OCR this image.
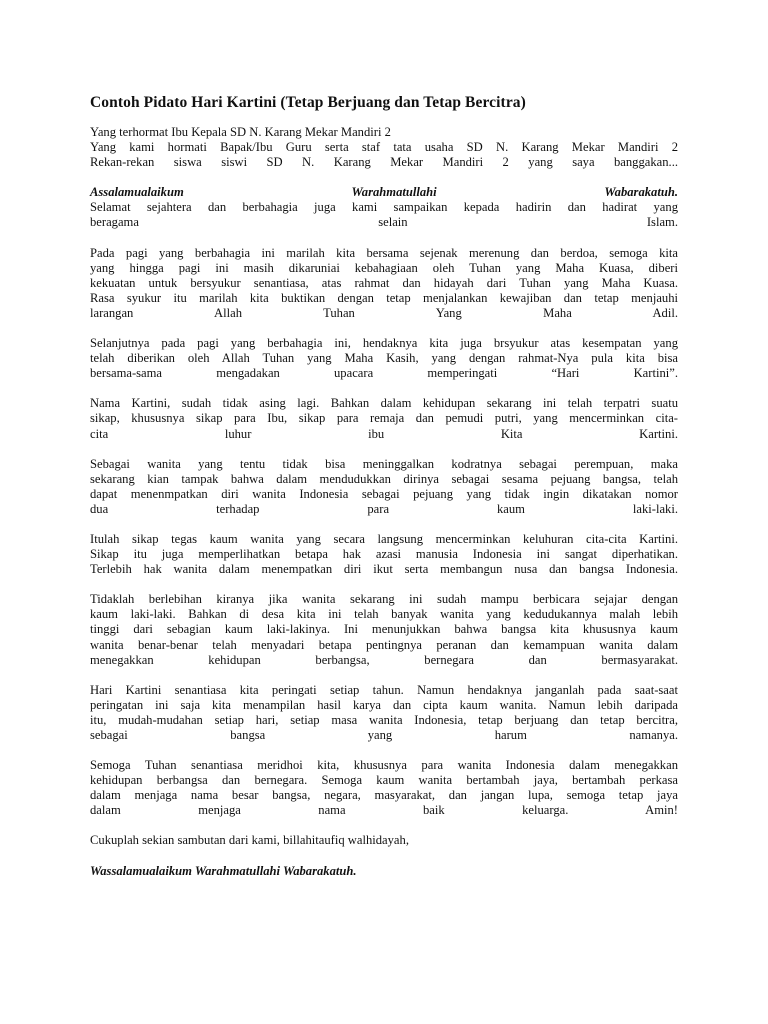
Contoh Pidato Hari Kartini (Tetap Berjuang dan Tetap Bercitra)
Yang terhormat Ibu Kepala SD N. Karang Mekar Mandiri 2
Yang kami hormati Bapak/Ibu Guru serta staf tata usaha SD N. Karang Mekar Mandiri 2
Rekan-rekan siswa siswi SD N. Karang Mekar Mandiri 2 yang saya banggakan...
Assalamualaikum Warahmatullahi Wabarakatuh.
Selamat sejahtera dan berbahagia juga kami sampaikan kepada hadirin dan hadirat yang
beragama selain Islam.
Pada pagi yang berbahagia ini marilah kita bersama sejenak merenung dan berdoa, semoga kita
yang hingga pagi ini masih dikaruniai kebahagiaan oleh Tuhan yang Maha Kuasa, diberi
kekuatan untuk bersyukur senantiasa, atas rahmat dan hidayah dari Tuhan yang Maha Kuasa.
Rasa syukur itu marilah kita buktikan dengan tetap menjalankan kewajiban dan tetap menjauhi
larangan Allah Tuhan Yang Maha Adil.
Selanjutnya pada pagi yang berbahagia ini, hendaknya kita juga brsyukur atas kesempatan yang
telah diberikan oleh Allah Tuhan yang Maha Kasih, yang dengan rahmat-Nya pula kita bisa
bersama-sama mengadakan upacara memperingati “Hari Kartini”.
Nama Kartini, sudah tidak asing lagi. Bahkan dalam kehidupan sekarang ini telah terpatri suatu
sikap, khususnya sikap para Ibu, sikap para remaja dan pemudi putri, yang mencerminkan cita-
cita luhur ibu Kita Kartini.
Sebagai wanita yang tentu tidak bisa meninggalkan kodratnya sebagai perempuan, maka
sekarang kian tampak bahwa dalam mendudukkan dirinya sebagai sesama pejuang bangsa, telah
dapat menenmpatkan diri wanita Indonesia sebagai pejuang yang tidak ingin dikatakan nomor
dua terhadap para kaum laki-laki.
Itulah sikap tegas kaum wanita yang secara langsung mencerminkan keluhuran cita-cita Kartini.
Sikap itu juga memperlihatkan betapa hak azasi manusia Indonesia ini sangat diperhatikan.
Terlebih hak wanita dalam menempatkan diri ikut serta membangun nusa dan bangsa Indonesia.
Tidaklah berlebihan kiranya jika wanita sekarang ini sudah mampu berbicara sejajar dengan
kaum laki-laki. Bahkan di desa kita ini telah banyak wanita yang kedudukannya malah lebih
tinggi dari sebagian kaum laki-lakinya. Ini menunjukkan bahwa bangsa kita khususnya kaum
wanita benar-benar telah menyadari betapa pentingnya peranan dan kemampuan wanita dalam
menegakkan kehidupan berbangsa, bernegara dan bermasyarakat.
Hari Kartini senantiasa kita peringati setiap tahun. Namun hendaknya janganlah pada saat-saat
peringatan ini saja kita menampilan hasil karya dan cipta kaum wanita. Namun lebih daripada
itu, mudah-mudahan setiap hari, setiap masa wanita Indonesia, tetap berjuang dan tetap bercitra,
sebagai bangsa yang harum namanya.
Semoga Tuhan senantiasa meridhoi kita, khususnya para wanita Indonesia dalam menegakkan
kehidupan berbangsa dan bernegara. Semoga kaum wanita bertambah jaya, bertambah perkasa
dalam menjaga nama besar bangsa, negara, masyarakat, dan jangan lupa, semoga tetap jaya
dalam menjaga nama baik keluarga. Amin!
Cukuplah sekian sambutan dari kami, billahitaufiq walhidayah,

Wassalamualaikum Warahmatullahi Wabarakatuh.
